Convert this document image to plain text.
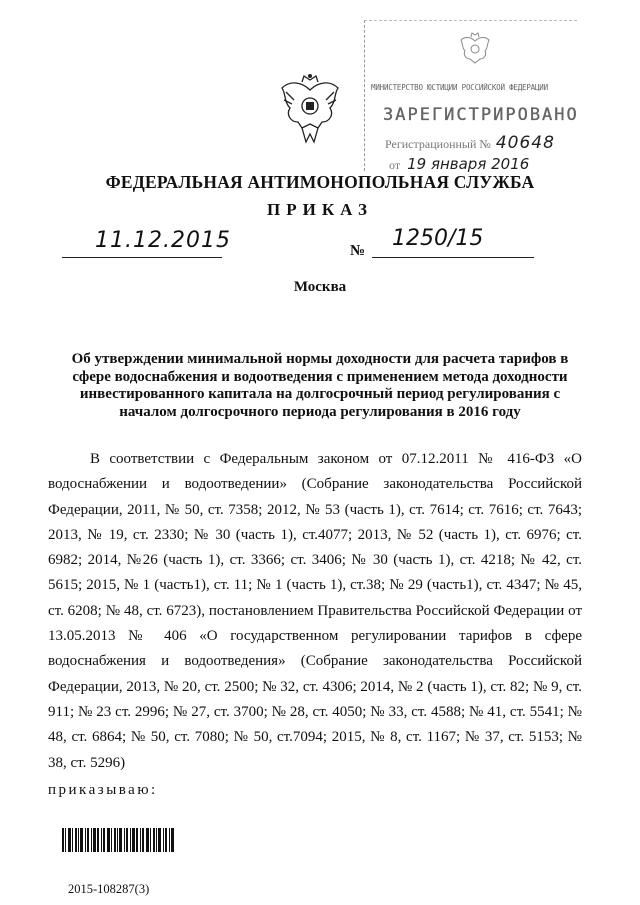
МИНИСТЕРСТВО ЮСТИЦИИ РОССИЙСКОЙ ФЕДЕРАЦИИ
ЗАРЕГИСТРИРОВАНО
Регистрационный № 40648
от 19 января 2016
ФЕДЕРАЛЬНАЯ АНТИМОНОПОЛЬНАЯ СЛУЖБА
ПРИКАЗ
11.12.2015	№ 1250/15
Москва
Об утверждении минимальной нормы доходности для расчета тарифов в сфере водоснабжения и водоотведения с применением метода доходности инвестированного капитала на долгосрочный период регулирования с началом долгосрочного периода регулирования в 2016 году

В соответствии с Федеральным законом от 07.12.2011 № 416-ФЗ «О водоснабжении и водоотведении» (Собрание законодательства Российской Федерации, 2011, № 50, ст. 7358; 2012, № 53 (часть 1), ст. 7614; ст. 7616; ст. 7643; 2013, № 19, ст. 2330; № 30 (часть 1), ст.4077; 2013, № 52 (часть 1), ст. 6976; ст. 6982; 2014, №26 (часть 1), ст. 3366; ст. 3406; № 30 (часть 1), ст. 4218; № 42, ст. 5615; 2015, № 1 (часть1), ст. 11; № 1 (часть 1), ст.38; № 29 (часть1), ст. 4347; № 45, ст. 6208; № 48, ст. 6723), постановлением Правительства Российской Федерации от 13.05.2013 № 406 «О государственном регулировании тарифов в сфере водоснабжения и водоотведения» (Собрание законодательства Российской Федерации, 2013, № 20, ст. 2500; № 32, ст. 4306; 2014, № 2 (часть 1), ст. 82; № 9, ст. 911; № 23 ст. 2996; № 27, ст. 3700; № 28, ст. 4050; № 33, ст. 4588; № 41, ст. 5541; № 48, ст. 6864; № 50, ст. 7080; № 50, ст.7094; 2015, № 8, ст. 1167; № 37, ст. 5153; № 38, ст. 5296)

приказываю:
2015-108287(3)
